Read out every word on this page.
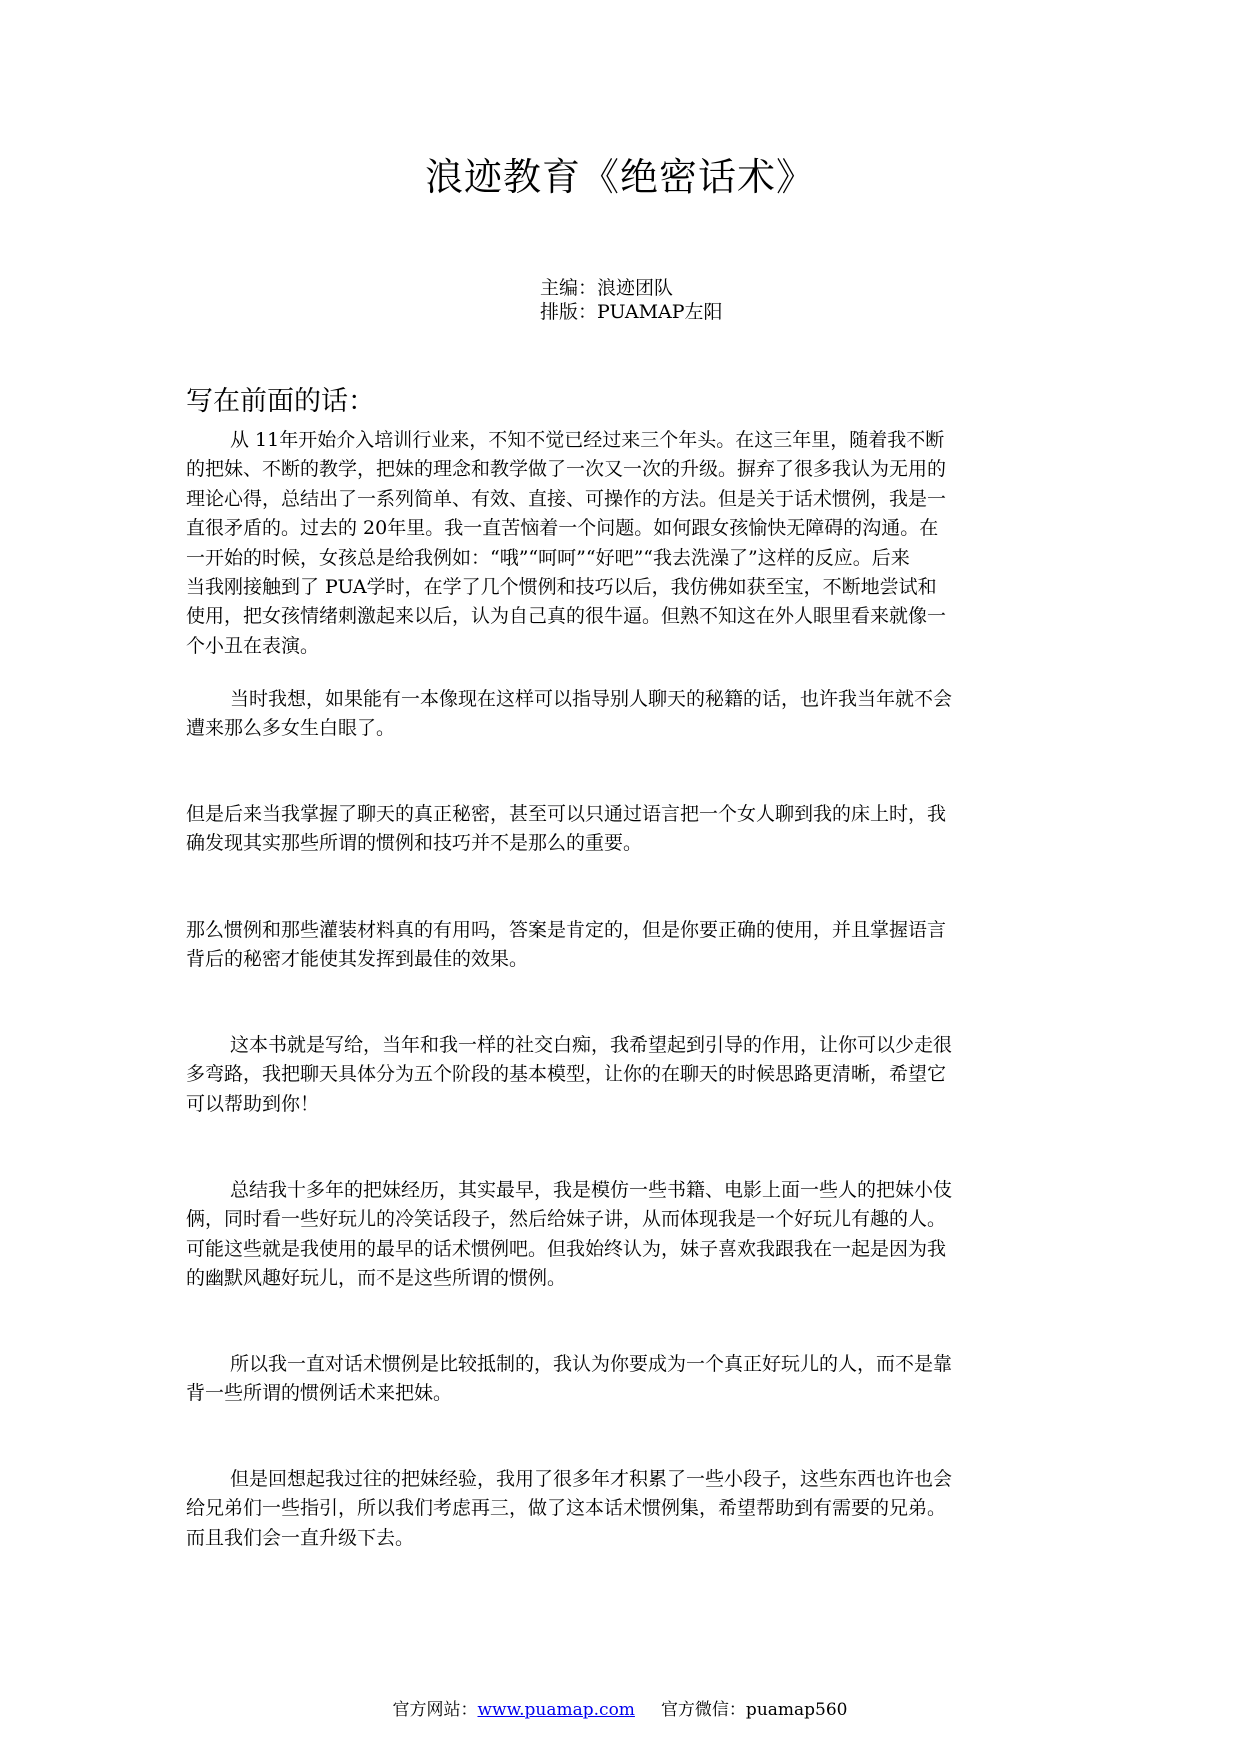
浪迹教育《绝密话术》
主编：浪迹团队
排版：PUAMAP左阳
写在前面的话：

从 11年开始介入培训行业来，不知不觉已经过来三个年头。在这三年里，随着我不断
的把妹、不断的教学，把妹的理念和教学做了一次又一次的升级。摒弃了很多我认为无用的
理论心得，总结出了一系列简单、有效、直接、可操作的方法。但是关于话术惯例，我是一
直很矛盾的。过去的 20年里。我一直苦恼着一个问题。如何跟女孩愉快无障碍的沟通。在
一开始的时候，女孩总是给我例如：“哦”“呵呵”“好吧”“我去洗澡了”这样的反应。后来
当我刚接触到了 PUA学时，在学了几个惯例和技巧以后，我仿佛如获至宝，不断地尝试和
使用，把女孩情绪刺激起来以后，认为自己真的很牛逼。但熟不知这在外人眼里看来就像一
个小丑在表演。

当时我想，如果能有一本像现在这样可以指导别人聊天的秘籍的话，也许我当年就不会
遭来那么多女生白眼了。

但是后来当我掌握了聊天的真正秘密，甚至可以只通过语言把一个女人聊到我的床上时，我
确发现其实那些所谓的惯例和技巧并不是那么的重要。

那么惯例和那些灌装材料真的有用吗，答案是肯定的，但是你要正确的使用，并且掌握语言
背后的秘密才能使其发挥到最佳的效果。

这本书就是写给，当年和我一样的社交白痴，我希望起到引导的作用，让你可以少走很
多弯路，我把聊天具体分为五个阶段的基本模型，让你的在聊天的时候思路更清晰，希望它
可以帮助到你！

总结我十多年的把妹经历，其实最早，我是模仿一些书籍、电影上面一些人的把妹小伎
俩，同时看一些好玩儿的冷笑话段子，然后给妹子讲，从而体现我是一个好玩儿有趣的人。
可能这些就是我使用的最早的话术惯例吧。但我始终认为，妹子喜欢我跟我在一起是因为我
的幽默风趣好玩儿，而不是这些所谓的惯例。

所以我一直对话术惯例是比较抵制的，我认为你要成为一个真正好玩儿的人，而不是靠
背一些所谓的惯例话术来把妹。

但是回想起我过往的把妹经验，我用了很多年才积累了一些小段子，这些东西也许也会
给兄弟们一些指引，所以我们考虑再三，做了这本话术惯例集，希望帮助到有需要的兄弟。
而且我们会一直升级下去。

官方网站：www.puamap.com 官方微信：puamap560
